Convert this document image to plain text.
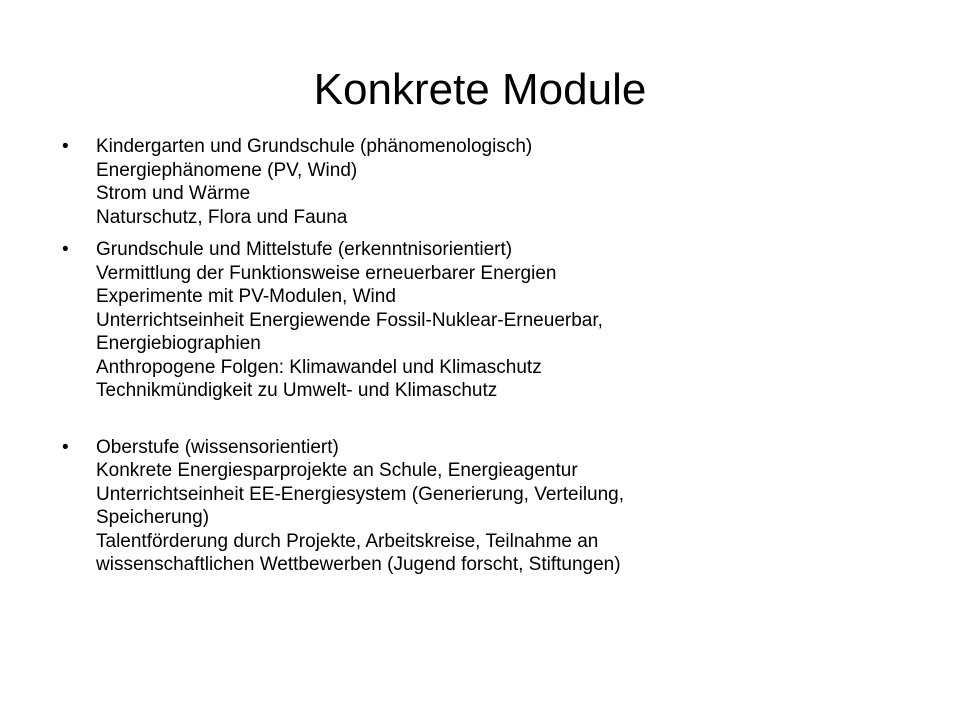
Konkrete Module
•	Kindergarten und Grundschule (phänomenologisch)
Energiephänomene (PV, Wind)
Strom und Wärme
Naturschutz, Flora und Fauna
•	Grundschule und Mittelstufe (erkenntnisorientiert)
Vermittlung der Funktionsweise erneuerbarer Energien
Experimente mit PV-Modulen, Wind
Unterrichtseinheit Energiewende Fossil-Nuklear-Erneuerbar,
Energiebiographien
Anthropogene Folgen: Klimawandel und Klimaschutz
Technikmündigkeit zu Umwelt- und Klimaschutz
•	Oberstufe (wissensorientiert)
Konkrete Energiesparprojekte an Schule, Energieagentur
Unterrichtseinheit EE-Energiesystem (Generierung, Verteilung,
Speicherung)
Talentförderung durch Projekte, Arbeitskreise, Teilnahme an
wissenschaftlichen Wettbewerben (Jugend forscht, Stiftungen)
